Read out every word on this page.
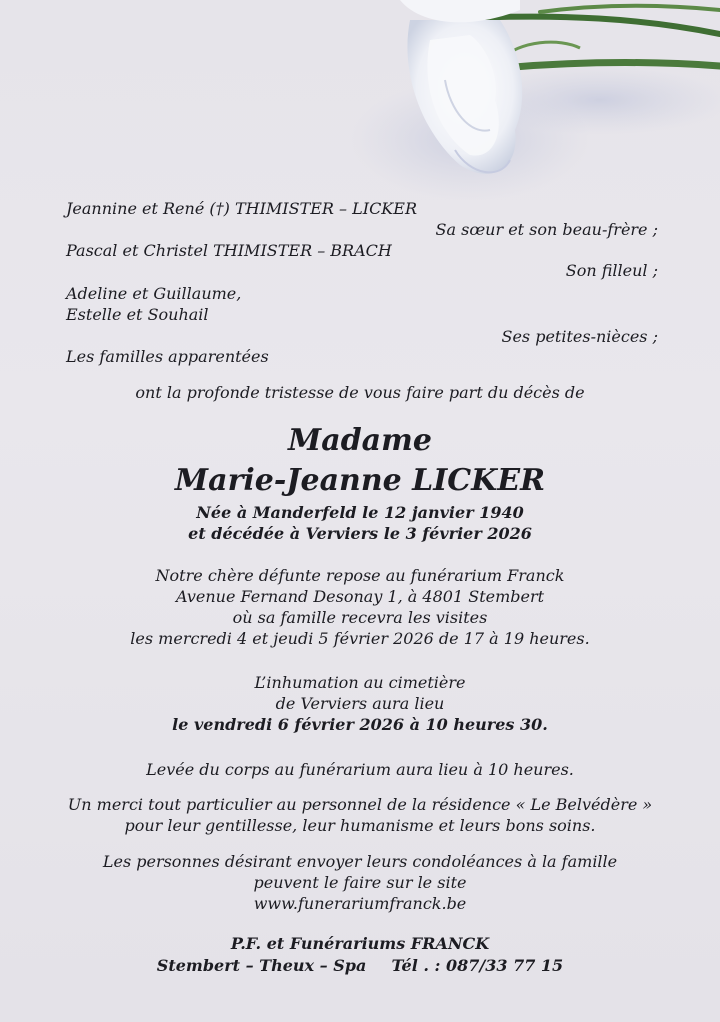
Jeannine et René (†) THIMISTER – LICKER
Sa sœur et son beau-frère ;
Pascal et Christel THIMISTER – BRACH
Son filleul ;
Adeline et Guillaume,
Estelle et Souhail
Ses petites-nièces ;
Les familles apparentées
ont la profonde tristesse de vous faire part du décès de
Madame
Marie-Jeanne LICKER
Née à Manderfeld le 12 janvier 1940
et décédée à Verviers le 3 février 2026
Notre chère défunte repose au funérarium Franck
Avenue Fernand Desonay 1, à 4801 Stembert
où sa famille recevra les visites
les mercredi 4 et jeudi 5 février 2026 de 17 à 19 heures.
L’inhumation au cimetière
de Verviers aura lieu
le vendredi 6 février 2026 à 10 heures 30.
Levée du corps au funérarium aura lieu à 10 heures.
Un merci tout particulier au personnel de la résidence « Le Belvédère »
pour leur gentillesse, leur humanisme et leurs bons soins.
Les personnes désirant envoyer leurs condoléances à la famille
peuvent le faire sur le site
www.funerariumfranck.be
P.F. et Funérariums FRANCK
Stembert – Theux – Spa Tél . : 087/33 77 15
